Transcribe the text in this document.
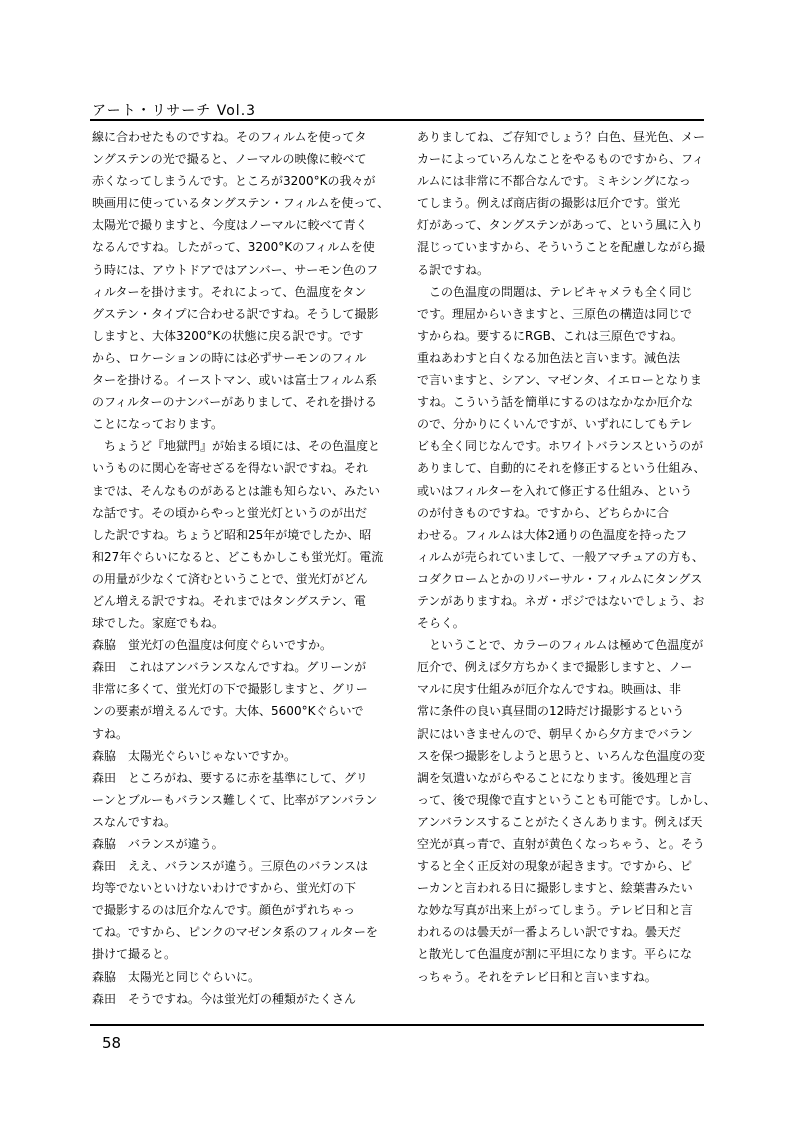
アート・リサーチ Vol.3
線に合わせたものですね。そのフィルムを使ってタ
ングステンの光で撮ると、ノーマルの映像に較べて
赤くなってしまうんです。ところが3200°Kの我々が
映画用に使っているタングステン・フィルムを使って、
太陽光で撮りますと、今度はノーマルに較べて青く
なるんですね。したがって、3200°Kのフィルムを使
う時には、アウトドアではアンバー、サーモン色のフ
ィルターを掛けます。それによって、色温度をタン
グステン・タイプに合わせる訳ですね。そうして撮影
しますと、大体3200°Kの状態に戻る訳です。です
から、ロケーションの時には必ずサーモンのフィル
ターを掛ける。イーストマン、或いは富士フィルム系
のフィルターのナンバーがありまして、それを掛ける
ことになっております。
　ちょうど『地獄門』が始まる頃には、その色温度と
いうものに関心を寄せざるを得ない訳ですね。それ
までは、そんなものがあるとは誰も知らない、みたい
な話です。その頃からやっと蛍光灯というのが出だ
した訳ですね。ちょうど昭和25年が境でしたか、昭
和27年ぐらいになると、どこもかしこも蛍光灯。電流
の用量が少なくて済むということで、蛍光灯がどん
どん増える訳ですね。それまではタングステン、電
球でした。家庭でもね。
森脇　蛍光灯の色温度は何度ぐらいですか。
森田　これはアンバランスなんですね。グリーンが
非常に多くて、蛍光灯の下で撮影しますと、グリー
ンの要素が増えるんです。大体、5600°Kぐらいで
すね。
森脇　太陽光ぐらいじゃないですか。
森田　ところがね、要するに赤を基準にして、グリ
ーンとブルーもバランス難しくて、比率がアンバラン
スなんですね。
森脇　バランスが違う。
森田　ええ、バランスが違う。三原色のバランスは
均等でないといけないわけですから、蛍光灯の下
で撮影するのは厄介なんです。顔色がずれちゃっ
てね。ですから、ピンクのマゼンタ系のフィルターを
掛けて撮ると。
森脇　太陽光と同じぐらいに。
森田　そうですね。今は蛍光灯の種類がたくさん
ありましてね、ご存知でしょう？白色、昼光色、メー
カーによっていろんなことをやるものですから、フィ
ルムには非常に不都合なんです。ミキシングになっ
てしまう。例えば商店街の撮影は厄介です。蛍光
灯があって、タングステンがあって、という風に入り
混じっていますから、そういうことを配慮しながら撮
る訳ですね。
　この色温度の問題は、テレビキャメラも全く同じ
です。理屈からいきますと、三原色の構造は同じで
すからね。要するにRGB、これは三原色ですね。
重ねあわすと白くなる加色法と言います。減色法
で言いますと、シアン、マゼンタ、イエローとなりま
すね。こういう話を簡単にするのはなかなか厄介な
ので、分かりにくいんですが、いずれにしてもテレ
ビも全く同じなんです。ホワイトバランスというのが
ありまして、自動的にそれを修正するという仕組み、
或いはフィルターを入れて修正する仕組み、という
のが付きものですね。ですから、どちらかに合
わせる。フィルムは大体2通りの色温度を持ったフ
ィルムが売られていまして、一般アマチュアの方も、
コダクロームとかのリバーサル・フィルムにタングス
テンがありますね。ネガ・ポジではないでしょう、お
そらく。
　ということで、カラーのフィルムは極めて色温度が
厄介で、例えば夕方ちかくまで撮影しますと、ノー
マルに戻す仕組みが厄介なんですね。映画は、非
常に条件の良い真昼間の12時だけ撮影するという
訳にはいきませんので、朝早くから夕方までバラン
スを保つ撮影をしようと思うと、いろんな色温度の変
調を気遣いながらやることになります。後処理と言
って、後で現像で直すということも可能です。しかし、
アンバランスすることがたくさんあります。例えば天
空光が真っ青で、直射が黄色くなっちゃう、と。そう
すると全く正反対の現象が起きます。ですから、ピ
ーカンと言われる日に撮影しますと、絵葉書みたい
な妙な写真が出来上がってしまう。テレビ日和と言
われるのは曇天が一番よろしい訳ですね。曇天だ
と散光して色温度が割に平坦になります。平らにな
っちゃう。それをテレビ日和と言いますね。
58
